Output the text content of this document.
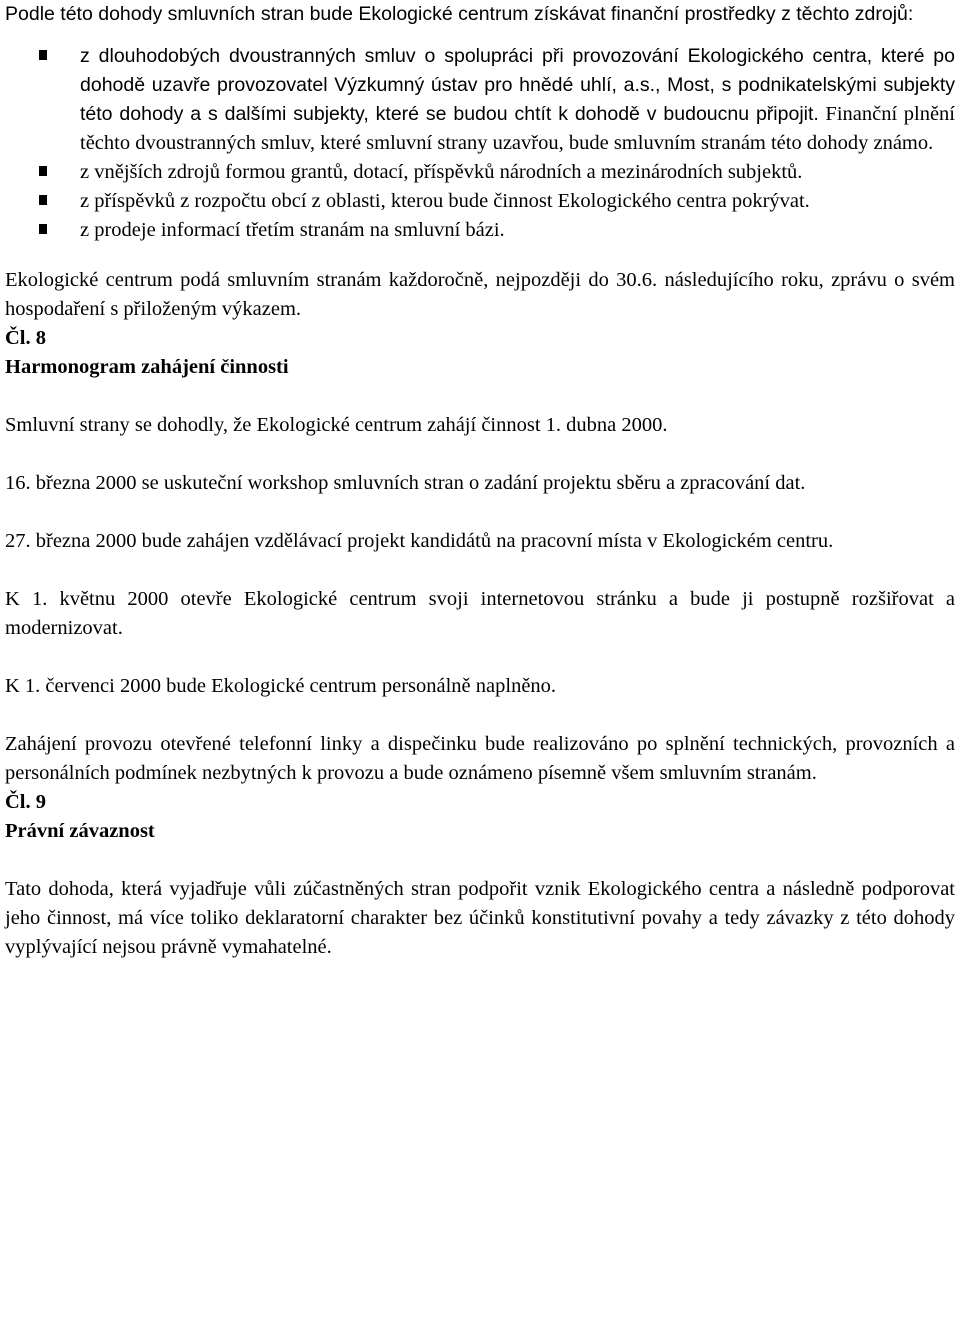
Podle této dohody smluvních stran bude Ekologické centrum získávat finanční prostředky z těchto zdrojů:

z dlouhodobých dvoustranných smluv o spolupráci při provozování Ekologického centra, které po dohodě uzavře provozovatel Výzkumný ústav pro hnědé uhlí, a.s., Most, s podnikatelskými subjekty této dohody a s dalšími subjekty, které se budou chtít k dohodě v budoucnu připojit. Finanční plnění těchto dvoustranných smluv, které smluvní strany uzavřou, bude smluvním stranám této dohody známo.
z vnějších zdrojů formou grantů, dotací, příspěvků národních a mezinárodních subjektů.
z příspěvků z rozpočtu obcí z oblasti, kterou bude činnost Ekologického centra pokrývat.
z prodeje informací třetím stranám na smluvní bázi.

Ekologické centrum podá smluvním stranám každoročně, nejpozději do 30.6. následujícího roku, zprávu o svém hospodaření s přiloženým výkazem.

Čl. 8

Harmonogram zahájení činnosti

Smluvní strany se dohodly, že Ekologické centrum zahájí činnost 1. dubna 2000.

16. března 2000 se uskuteční workshop smluvních stran o zadání projektu sběru a zpracování dat.

27. března 2000 bude zahájen vzdělávací projekt kandidátů na pracovní místa v Ekologickém centru.

K 1. květnu 2000 otevře Ekologické centrum svoji internetovou stránku a bude ji postupně rozšiřovat a modernizovat.

K 1. červenci 2000 bude Ekologické centrum personálně naplněno.

Zahájení provozu otevřené telefonní linky a dispečinku bude realizováno po splnění technických, provozních a personálních podmínek nezbytných k provozu a bude oznámeno písemně všem smluvním stranám.

Čl. 9

Právní závaznost

Tato dohoda, která vyjadřuje vůli zúčastněných stran podpořit vznik Ekologického centra a následně podporovat jeho činnost, má více toliko deklaratorní charakter bez účinků konstitutivní povahy a tedy závazky z této dohody vyplývající nejsou právně vymahatelné.
